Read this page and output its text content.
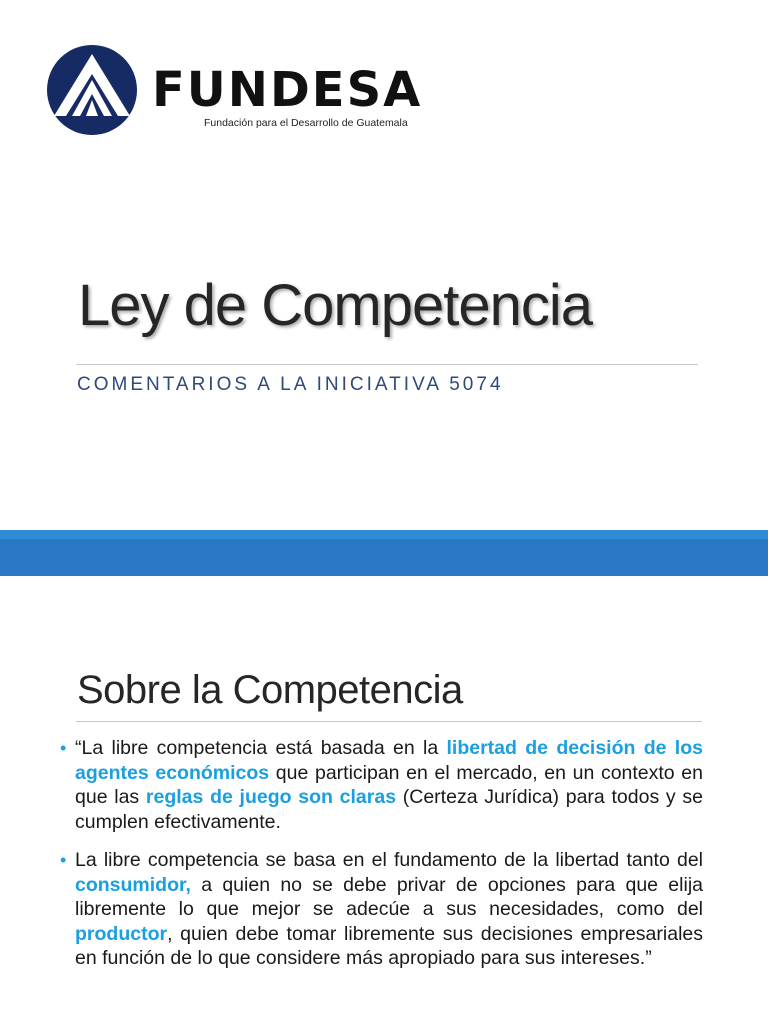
FUNDESA
Fundación para el Desarrollo de Guatemala
Ley de Competencia
COMENTARIOS A LA INICIATIVA 5074
Sobre la Competencia
• “La libre competencia está basada en la libertad de decisión de los agentes económicos que participan en el mercado, en un contexto en que las reglas de juego son claras (Certeza Jurídica) para todos y se cumplen efectivamente.
• La libre competencia se basa en el fundamento de la libertad tanto del consumidor, a quien no se debe privar de opciones para que elija libremente lo que mejor se adecúe a sus necesidades, como del productor, quien debe tomar libremente sus decisiones empresariales en función de lo que considere más apropiado para sus intereses.”
